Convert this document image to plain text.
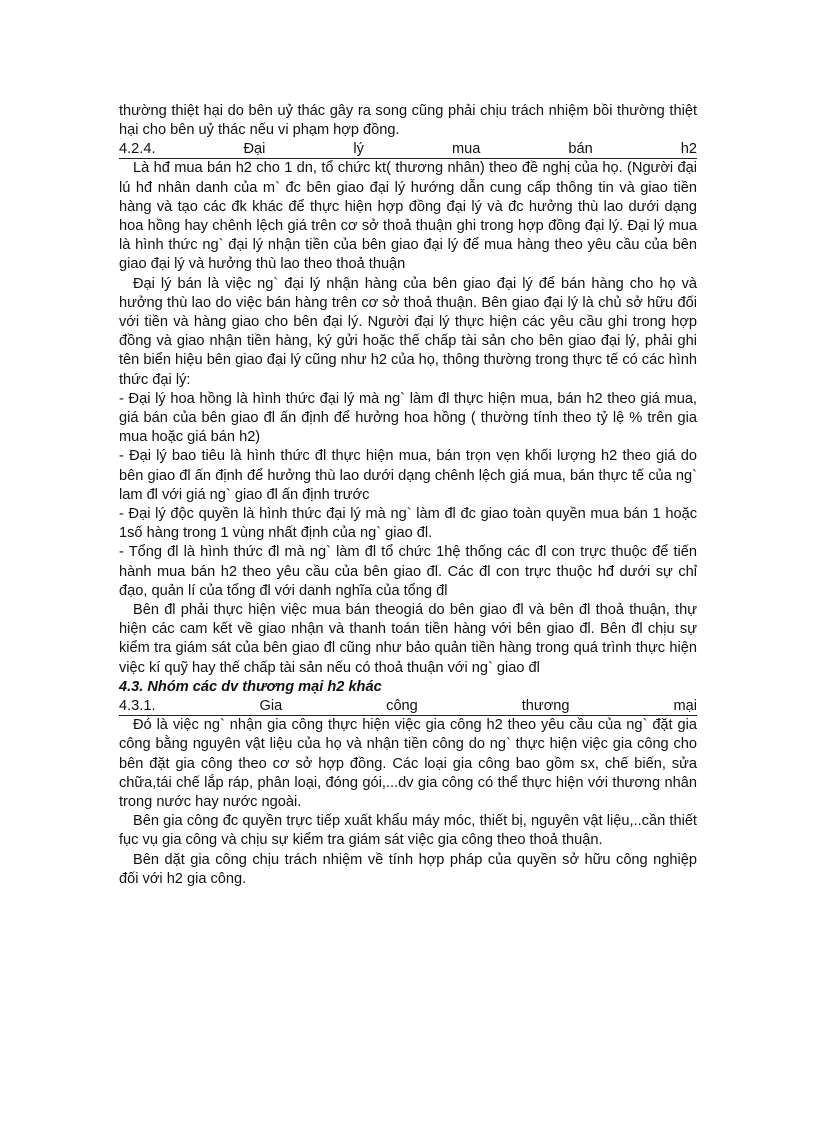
thường thiệt hại do bên uỷ thác gây ra song cũng phải chịu trách nhiệm bồi thường thiệt hại cho bên uỷ thác nếu vi phạm hợp đồng.

4.2.4.	Đại	lý	mua	bán	h2

Là hđ mua bán h2 cho 1 dn, tổ chức kt( thương nhân) theo đề nghị của họ. (Người đại lú hđ nhân danh của m` đc bên giao đại lý hướng dẫn cung cấp thông tin và giao tiền hàng và tạo các đk khác để thực hiện hợp đồng đại lý và đc hưởng thù lao dưới dạng hoa hồng hay chênh lệch giá trên cơ sở thoả thuận ghi trong hợp đồng đại lý. Đại lý mua là hình thức ng` đại lý nhận tiền của bên giao đại lý để mua hàng theo yêu cầu của bên giao đại lý và hưởng thù lao theo thoả thuận

Đại lý bán là việc ng` đại lý nhận hàng của bên giao đại lý để bán hàng cho họ và hưởng thù lao do việc bán hàng trên cơ sở thoả thuận. Bên giao đại lý là chủ sở hữu đối với tiền và hàng giao cho bên đại lý. Người đại lý thực hiện các yêu cầu ghi trong hợp đồng và giao nhận tiền hàng, ký gửi hoặc thế chấp tài sản cho bên giao đại lý, phải ghi tên biển hiệu bên giao đại lý cũng như h2 của họ, thông thường trong thực tế có các hình thức đại lý:

- Đại lý hoa hồng là hình thức đại lý mà ng` làm đl thực hiện mua, bán h2 theo giá mua, giá bán của bên giao đl ấn định để hưởng hoa hồng ( thường tính theo tỷ lệ % trên gia mua hoặc giá bán h2)

- Đại lý bao tiêu là hình thức đl thực hiện mua, bán trọn vẹn khối lượng h2 theo giá do bên giao đl ấn định để hưởng thù lao dưới dạng chênh lệch giá mua, bán thực tế của ng` lam đl với giá ng` giao đl ấn định trước

- Đại lý độc quyền là hình thức đại lý mà ng` làm đl đc giao toàn quyền mua bán 1 hoặc 1số hàng trong 1 vùng nhất định của ng` giao đl.

- Tổng đl là hình thức đl mà ng` làm đl tổ chức 1hệ thống các đl con trực thuộc để tiến hành mua bán h2 theo yêu cầu của bên giao đl. Các đl con trực thuộc hđ dưới sự chỉ đạo, quản lí của tổng đl với danh nghĩa của tổng đl

Bên đl phải thực hiện việc mua bán theogiá do bên giao đl và bên đl thoả thuận, thự hiện các cam kết về giao nhận và thanh toán tiền hàng với bên giao đl. Bên đl chịu sự kiểm tra giám sát của bên giao đl cũng như bảo quản tiền hàng trong quá trình thực hiện việc kí quỹ hay thế chấp tài sản nếu có thoả thuận với ng` giao đl

4.3. Nhóm các dv thương mại h2 khác

4.3.1.	Gia	công	thương	mại

Đó là việc ng` nhận gia công thực hiện việc gia công h2 theo yêu cầu của ng` đặt gia công bằng nguyên vật liệu của họ và nhận tiền công do ng` thực hiện việc gia công cho bên đặt gia công theo cơ sở hợp đồng. Các loại gia công bao gồm sx, chế biến, sửa chữa,tái chế lắp ráp, phân loại, đóng gói,...dv gia công có thể thực hiện với thương nhân trong nước hay nước ngoài.

Bên gia công đc quyền trực tiếp xuất khẩu máy móc, thiết bị, nguyên vật liệu,..cần thiết fục vụ gia công và chịu sự kiểm tra giám sát việc gia công theo thoả thuận.

Bên dặt gia công chịu trách nhiệm về tính hợp pháp của quyền sở hữu công nghiệp đối với h2 gia công.
